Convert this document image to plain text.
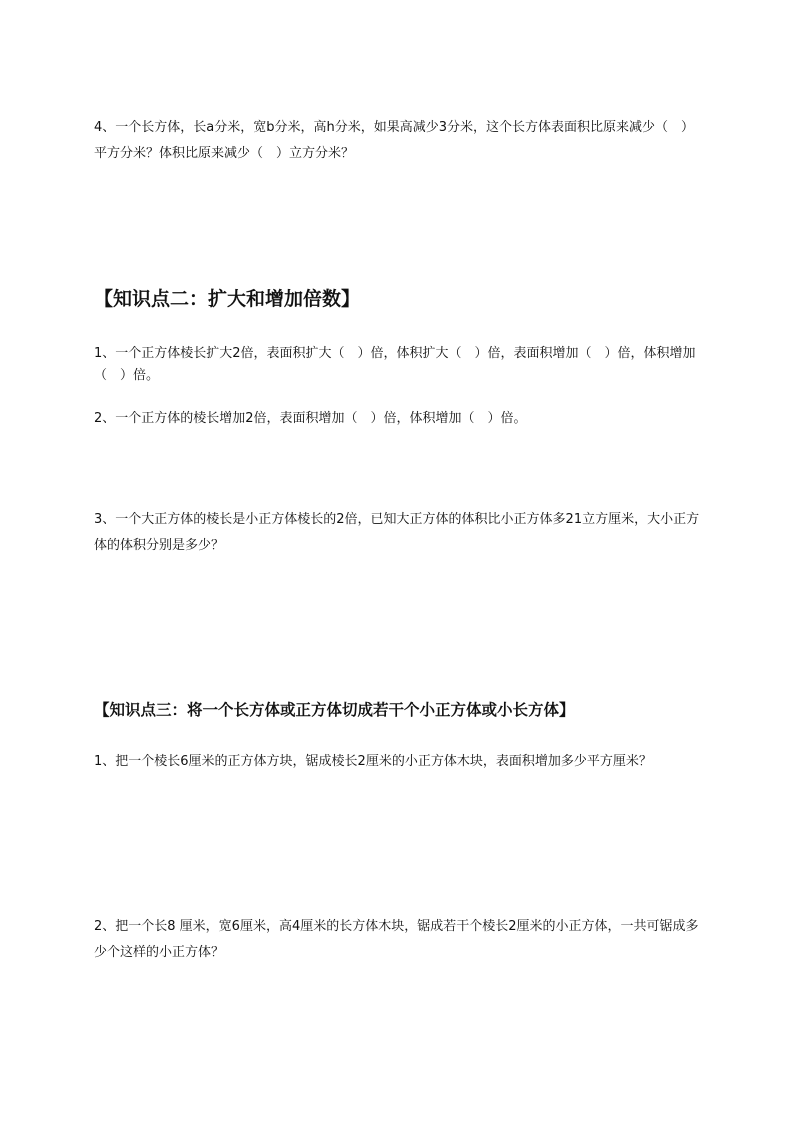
4、一个长方体，长a分米，宽b分米，高h分米，如果高减少3分米，这个长方体表面积比原来减少（　）平方分米？体积比原来减少（　）立方分米？

【知识点二：扩大和增加倍数】

1、一个正方体棱长扩大2倍，表面积扩大（　）倍，体积扩大（　）倍，表面积增加（　）倍，体积增加（　）倍。

2、一个正方体的棱长增加2倍，表面积增加（　）倍，体积增加（　）倍。

3、一个大正方体的棱长是小正方体棱长的2倍，已知大正方体的体积比小正方体多21立方厘米，大小正方体的体积分别是多少？

【知识点三：将一个长方体或正方体切成若干个小正方体或小长方体】

1、把一个棱长6厘米的正方体方块，锯成棱长2厘米的小正方体木块，表面积增加多少平方厘米？

2、把一个长8 厘米，宽6厘米，高4厘米的长方体木块，锯成若干个棱长2厘米的小正方体，一共可锯成多少个这样的小正方体？
